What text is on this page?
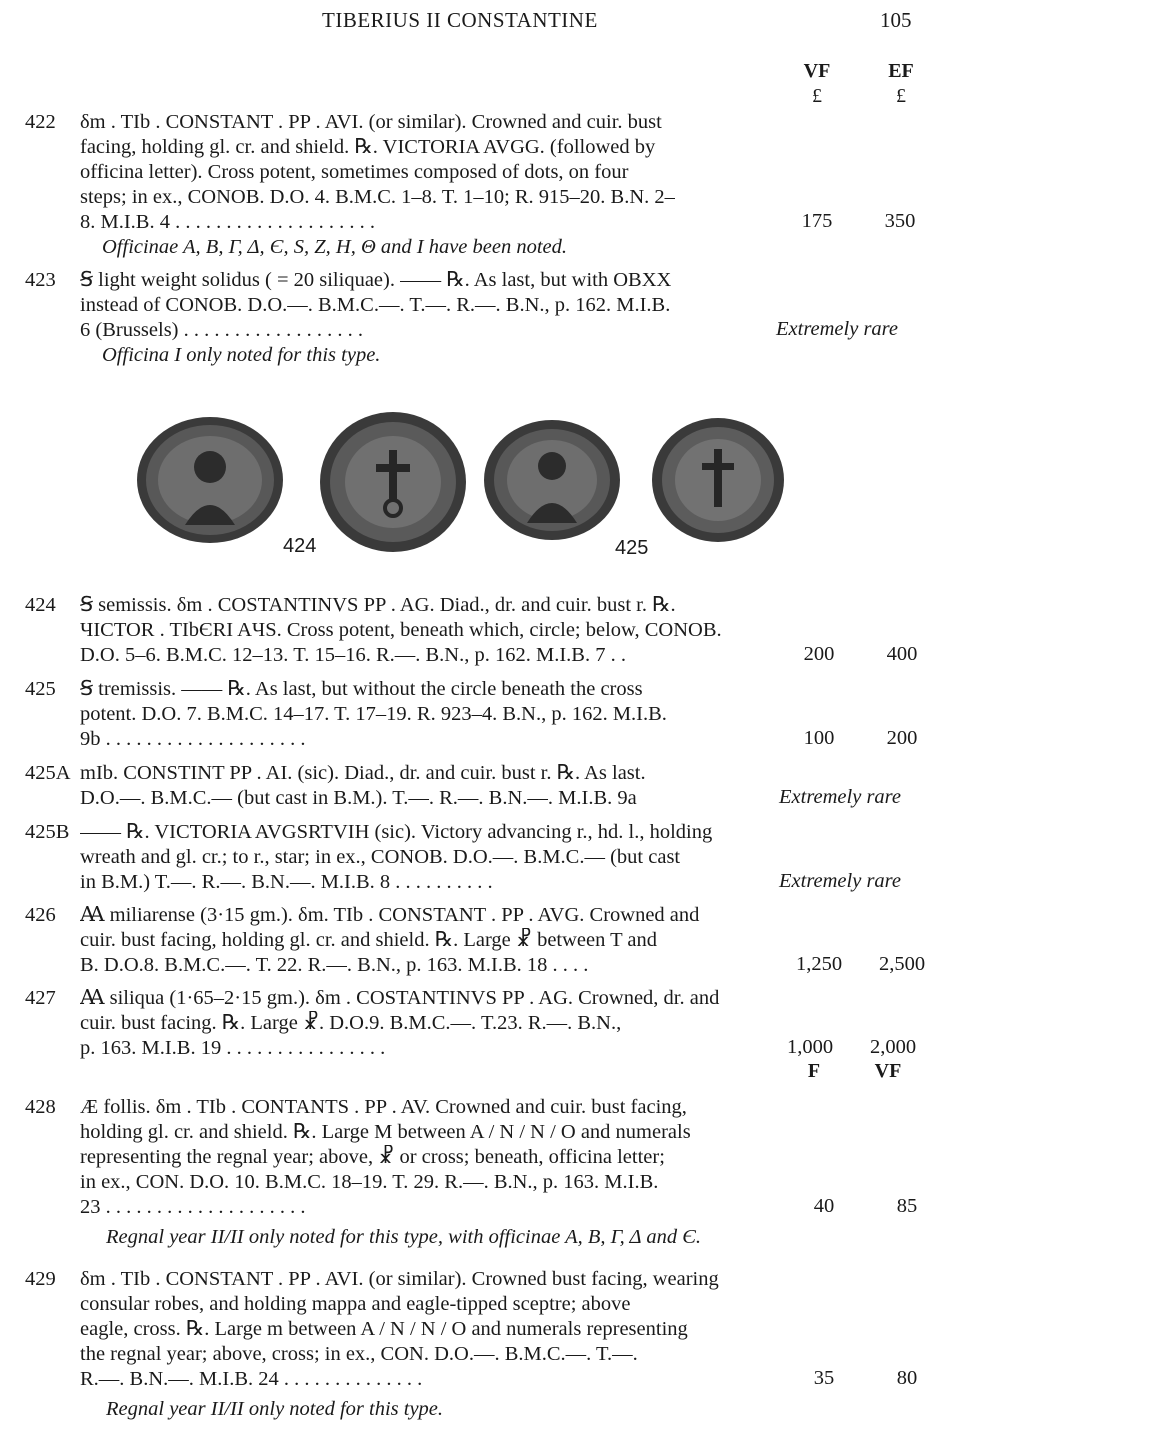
TIBERIUS II CONSTANTINE	105
VF	EF
£	£
422	δm . TIb . CONSTANT . PP . AVI. (or similar). Crowned and cuir. bust
facing, holding gl. cr. and shield. ℞. VICTORIA AVGG. (followed by
officina letter). Cross potent, sometimes composed of dots, on four
steps; in ex., CONOB. D.O. 4. B.M.C. 1–8. T. 1–10; R. 915–20. B.N. 2–
8. M.I.B. 4 . . . . . . . . . . . . . . . . . . . .
Officinae A, B, Γ, Δ, Є, S, Z, H, Θ and I have been noted.
175	350
423	Ꞩ light weight solidus ( = 20 siliquae). —— ℞. As last, but with OBXX
instead of CONOB. D.O.—. B.M.C.—. T.—. R.—. B.N., p. 162. M.I.B.
6 (Brussels) . . . . . . . . . . . . . . . . . .
Officina I only noted for this type.
Extremely rare
424	425
424	Ꞩ semissis. δm . COSTANTINVS PP . AG. Diad., dr. and cuir. bust r. ℞.
ЧICTOR . TIbЄRI AЧS. Cross potent, beneath which, circle; below, CONOB.
D.O. 5–6. B.M.C. 12–13. T. 15–16. R.—. B.N., p. 162. M.I.B. 7 . .	200	400
425	Ꞩ tremissis. —— ℞. As last, but without the circle beneath the cross
potent. D.O. 7. B.M.C. 14–17. T. 17–19. R. 923–4. B.N., p. 162. M.I.B.
9b . . . . . . . . . . . . . . . . . . . .	100	200
425A mIb. CONSTINT PP . AI. (sic). Diad., dr. and cuir. bust r. ℞. As last.
D.O.—. B.M.C.— (but cast in B.M.). T.—. R.—. B.N.—. M.I.B. 9a	Extremely rare
425B —— ℞. VICTORIA AVGSRTVIH (sic). Victory advancing r., hd. l., holding
wreath and gl. cr.; to r., star; in ex., CONOB. D.O.—. B.M.C.— (but cast
in B.M.) T.—. R.—. B.N.—. M.I.B. 8 . . . . . . . . . .	Extremely rare
426	Ꜳ miliarense (3·15 gm.). δm. TIb . CONSTANT . PP . AVG. Crowned and
cuir. bust facing, holding gl. cr. and shield. ℞. Large ☧ between T and
B. D.O.8. B.M.C.—. T. 22. R.—. B.N., p. 163. M.I.B. 18 . . . .	1,250	2,500
427	Ꜳ siliqua (1·65–2·15 gm.). δm . COSTANTINVS PP . AG. Crowned, dr. and
cuir. bust facing. ℞. Large ☧. D.O.9. B.M.C.—. T.23. R.—. B.N.,
p. 163. M.I.B. 19 . . . . . . . . . . . . . . . .	1,000	2,000
F	VF
428	Æ follis. δm . TIb . CONTANTS . PP . AV. Crowned and cuir. bust facing,
holding gl. cr. and shield. ℞. Large M between A / N / N / O and numerals
representing the regnal year; above, ☧ or cross; beneath, officina letter;
in ex., CON. D.O. 10. B.M.C. 18–19. T. 29. R.—. B.N., p. 163. M.I.B.
23 . . . . . . . . . . . . . . . . . . . .
Regnal year II/II only noted for this type, with officinae A, B, Γ, Δ and Є.
40	85
429	δm . TIb . CONSTANT . PP . AVI. (or similar). Crowned bust facing, wearing
consular robes, and holding mappa and eagle-tipped sceptre; above
eagle, cross. ℞. Large m between A / N / N / O and numerals representing
the regnal year; above, cross; in ex., CON. D.O.—. B.M.C.—. T.—.
R.—. B.N.—. M.I.B. 24 . . . . . . . . . . . . . .
Regnal year II/II only noted for this type.
35	80
